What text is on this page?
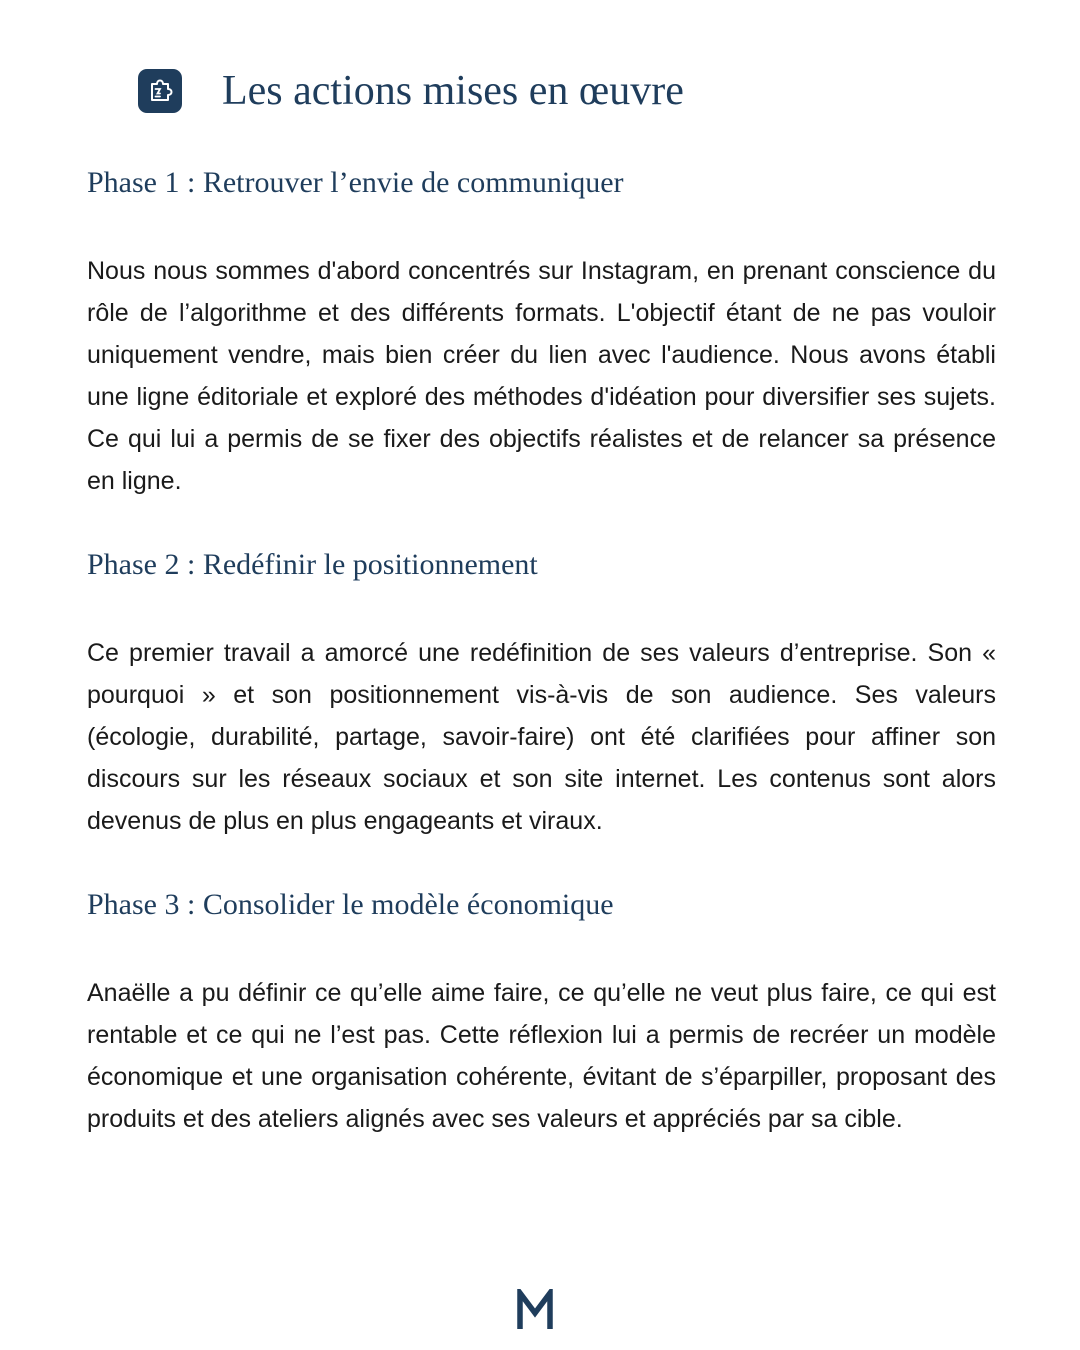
Les actions mises en œuvre
Phase 1 : Retrouver l’envie de communiquer

Nous nous sommes d'abord concentrés sur Instagram, en prenant conscience du rôle de l’algorithme et des différents formats. L'objectif étant de ne pas vouloir uniquement vendre, mais bien créer du lien avec l'audience. Nous avons établi une ligne éditoriale et exploré des méthodes d'idéation pour diversifier ses sujets. Ce qui lui a permis de se fixer des objectifs réalistes et de relancer sa présence en ligne.

Phase 2 : Redéfinir le positionnement

Ce premier travail a amorcé une redéfinition de ses valeurs d’entreprise. Son « pourquoi » et son positionnement vis-à-vis de son audience. Ses valeurs (écologie, durabilité, partage, savoir-faire) ont été clarifiées pour affiner son discours sur les réseaux sociaux et son site internet. Les contenus sont alors devenus de plus en plus engageants et viraux.

Phase 3 : Consolider le modèle économique

Anaëlle a pu définir ce qu’elle aime faire, ce qu’elle ne veut plus faire, ce qui est rentable et ce qui ne l’est pas. Cette réflexion lui a permis de recréer un modèle économique et une organisation cohérente, évitant de s’éparpiller, proposant des produits et des ateliers alignés avec ses valeurs et appréciés par sa cible.
